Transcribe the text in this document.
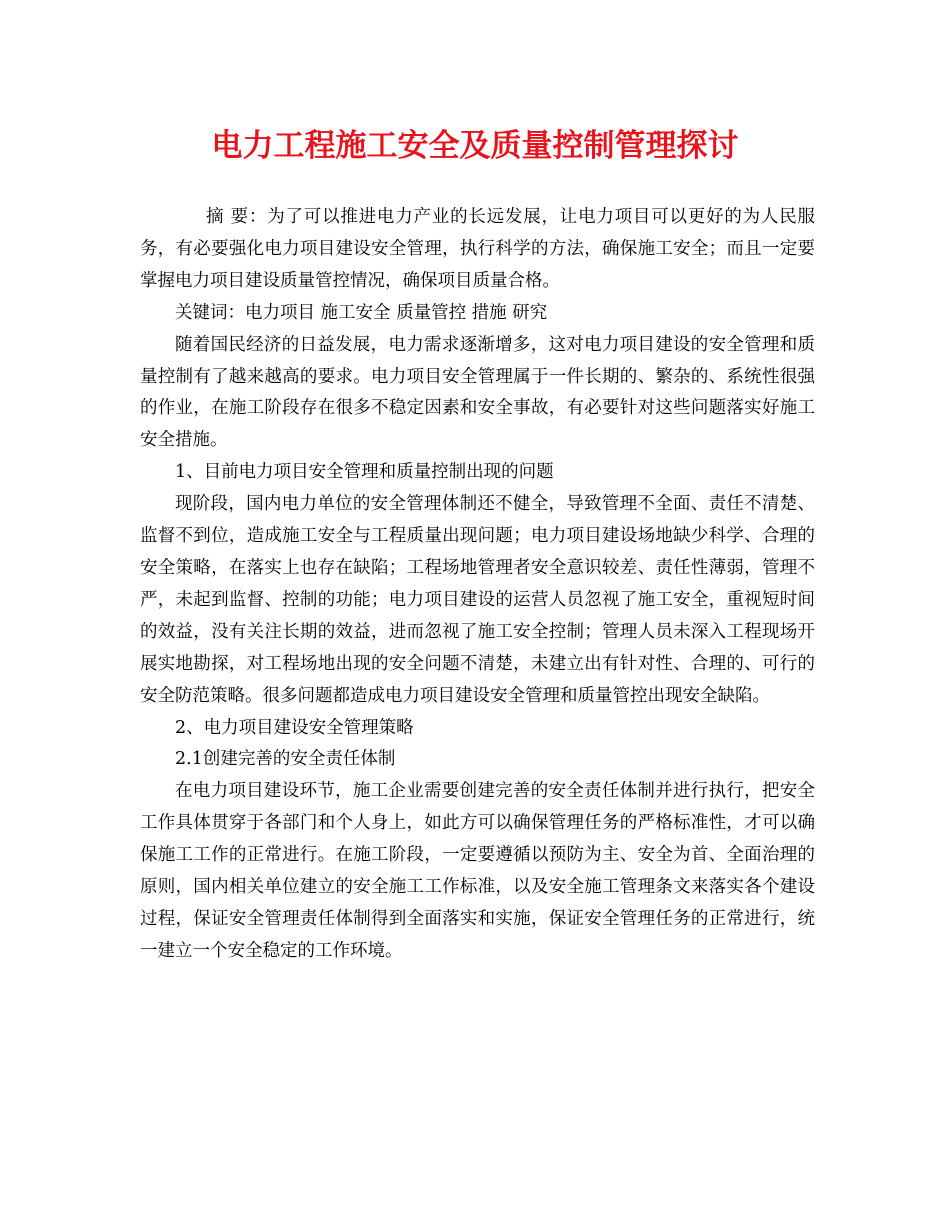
电力工程施工安全及质量控制管理探讨

摘 要：为了可以推进电力产业的长远发展，让电力项目可以更好的为人民服务，有必要强化电力项目建设安全管理，执行科学的方法，确保施工安全；而且一定要掌握电力项目建设质量管控情况，确保项目质量合格。

关键词：电力项目 施工安全 质量管控 措施 研究

随着国民经济的日益发展，电力需求逐渐增多，这对电力项目建设的安全管理和质量控制有了越来越高的要求。电力项目安全管理属于一件长期的、繁杂的、系统性很强的作业，在施工阶段存在很多不稳定因素和安全事故，有必要针对这些问题落实好施工安全措施。

1、目前电力项目安全管理和质量控制出现的问题

现阶段，国内电力单位的安全管理体制还不健全，导致管理不全面、责任不清楚、监督不到位，造成施工安全与工程质量出现问题；电力项目建设场地缺少科学、合理的安全策略，在落实上也存在缺陷；工程场地管理者安全意识较差、责任性薄弱，管理不严，未起到监督、控制的功能；电力项目建设的运营人员忽视了施工安全，重视短时间的效益，没有关注长期的效益，进而忽视了施工安全控制；管理人员未深入工程现场开展实地勘探，对工程场地出现的安全问题不清楚，未建立出有针对性、合理的、可行的安全防范策略。很多问题都造成电力项目建设安全管理和质量管控出现安全缺陷。

2、电力项目建设安全管理策略

2.1创建完善的安全责任体制

在电力项目建设环节，施工企业需要创建完善的安全责任体制并进行执行，把安全工作具体贯穿于各部门和个人身上，如此方可以确保管理任务的严格标准性，才可以确保施工工作的正常进行。在施工阶段，一定要遵循以预防为主、安全为首、全面治理的原则，国内相关单位建立的安全施工工作标准，以及安全施工管理条文来落实各个建设过程，保证安全管理责任体制得到全面落实和实施，保证安全管理任务的正常进行，统一建立一个安全稳定的工作环境。
